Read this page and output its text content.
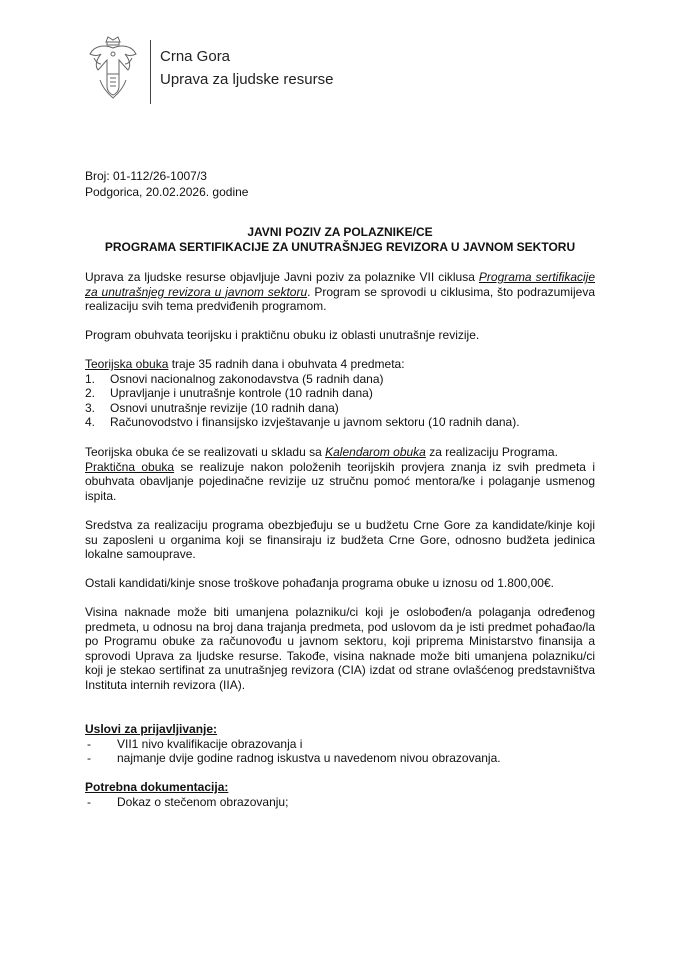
Crna Gora
Uprava za ljudske resurse
Broj: 01-112/26-1007/3
Podgorica, 20.02.2026. godine
JAVNI POZIV ZA POLAZNIKE/CE
PROGRAMA SERTIFIKACIJE ZA UNUTRAŠNJEG REVIZORA U JAVNOM SEKTORU

Uprava za ljudske resurse objavljuje Javni poziv za polaznike VII ciklusa Programa sertifikacije za unutrašnjeg revizora u javnom sektoru. Program se sprovodi u ciklusima, što podrazumijeva realizaciju svih tema predviđenih programom.

Program obuhvata teorijsku i praktičnu obuku iz oblasti unutrašnje revizije.

Teorijska obuka traje 35 radnih dana i obuhvata 4 predmeta:

1. Osnovi nacionalnog zakonodavstva (5 radnih dana)
2. Upravljanje i unutrašnje kontrole (10 radnih dana)
3. Osnovi unutrašnje revizije (10 radnih dana)
4. Računovodstvo i finansijsko izvještavanje u javnom sektoru (10 radnih dana).

Teorijska obuka će se realizovati u skladu sa Kalendarom obuka za realizaciju Programa.

Praktična obuka se realizuje nakon položenih teorijskih provjera znanja iz svih predmeta i obuhvata obavljanje pojedinačne revizije uz stručnu pomoć mentora/ke i polaganje usmenog ispita.

Sredstva za realizaciju programa obezbjeđuju se u budžetu Crne Gore za kandidate/kinje koji su zaposleni u organima koji se finansiraju iz budžeta Crne Gore, odnosno budžeta jedinica lokalne samouprave.

Ostali kandidati/kinje snose troškove pohađanja programa obuke u iznosu od 1.800,00€.

Visina naknade može biti umanjena polazniku/ci koji je oslobođen/a polaganja određenog predmeta, u odnosu na broj dana trajanja predmeta, pod uslovom da je isti predmet pohađao/la po Programu obuke za računovođu u javnom sektoru, koji priprema Ministarstvo finansija a sprovodi Uprava za ljudske resurse. Takođe, visina naknade može biti umanjena polazniku/ci koji je stekao sertifinat za unutrašnjeg revizora (CIA) izdat od strane ovlašćenog predstavništva Instituta internih revizora (IIA).

Uslovi za prijavljivanje:
- VII1 nivo kvalifikacije obrazovanja i
- najmanje dvije godine radnog iskustva u navedenom nivou obrazovanja.
Potrebna dokumentacija:
- Dokaz o stečenom obrazovanju;
